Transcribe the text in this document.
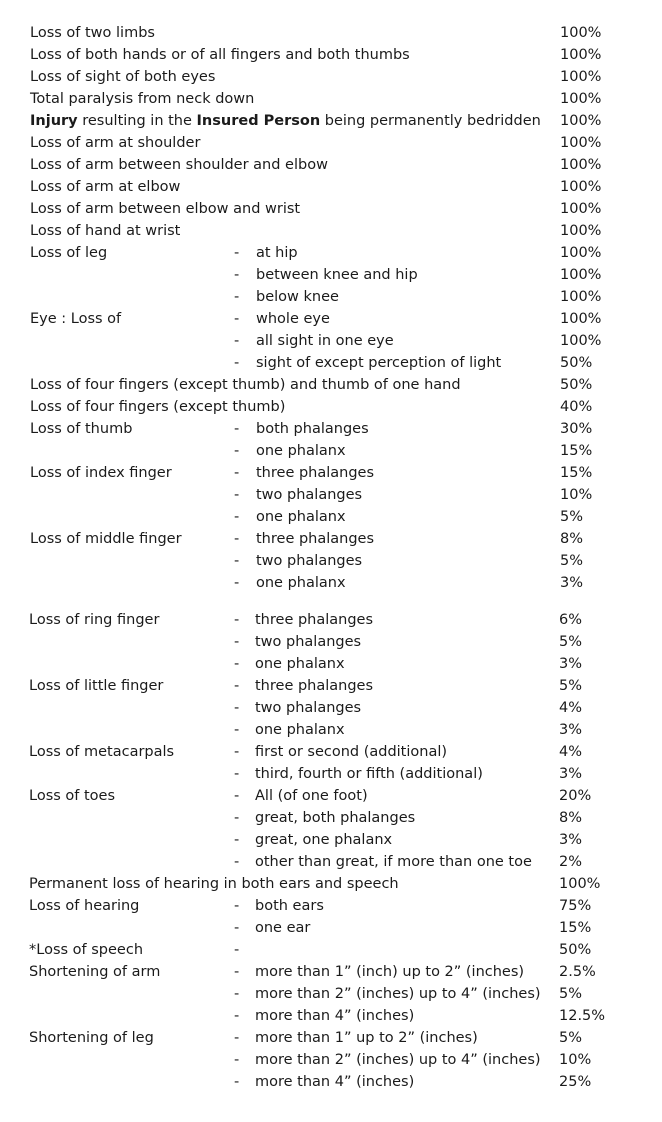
Loss of two limbs	100%
Loss of both hands or of all fingers and both thumbs	100%
Loss of sight of both eyes	100%
Total paralysis from neck down	100%
Injury resulting in the Insured Person being permanently bedridden 100%
Loss of arm at shoulder	100%
Loss of arm between shoulder and elbow	100%
Loss of arm at elbow	100%
Loss of arm between elbow and wrist	100%
Loss of hand at wrist	100%
Loss of leg	- at hip	100%
- between knee and hip	100%
- below knee	100%
Eye : Loss of	- whole eye	100%
- all sight in one eye	100%
- sight of except perception of light	50%
Loss of four fingers (except thumb) and thumb of one hand	50%
Loss of four fingers (except thumb)	40%
Loss of thumb	- both phalanges	30%
- one phalanx	15%
Loss of index finger	- three phalanges	15%
- two phalanges	10%
- one phalanx	5%
Loss of middle finger	- three phalanges	8%
- two phalanges	5%
- one phalanx	3%
Loss of ring finger	- three phalanges	6%
- two phalanges	5%
- one phalanx	3%
Loss of little finger	- three phalanges	5%
- two phalanges	4%
- one phalanx	3%
Loss of metacarpals	- first or second (additional)	4%
- third, fourth or fifth (additional)	3%
Loss of toes	- All (of one foot)	20%
- great, both phalanges	8%
- great, one phalanx	3%
- other than great, if more than one toe 2%
Permanent loss of hearing in both ears and speech	100%
Loss of hearing	- both ears	75%
- one ear	15%
*Loss of speech	-	50%
Shortening of arm	- more than 1” (inch) up to 2” (inches) 2.5%
- more than 2” (inches) up to 4” (inches) 5%
- more than 4” (inches)	12.5%
Shortening of leg	- more than 1” up to 2” (inches)	5%
- more than 2” (inches) up to 4” (inches) 10%
- more than 4” (inches)	25%
